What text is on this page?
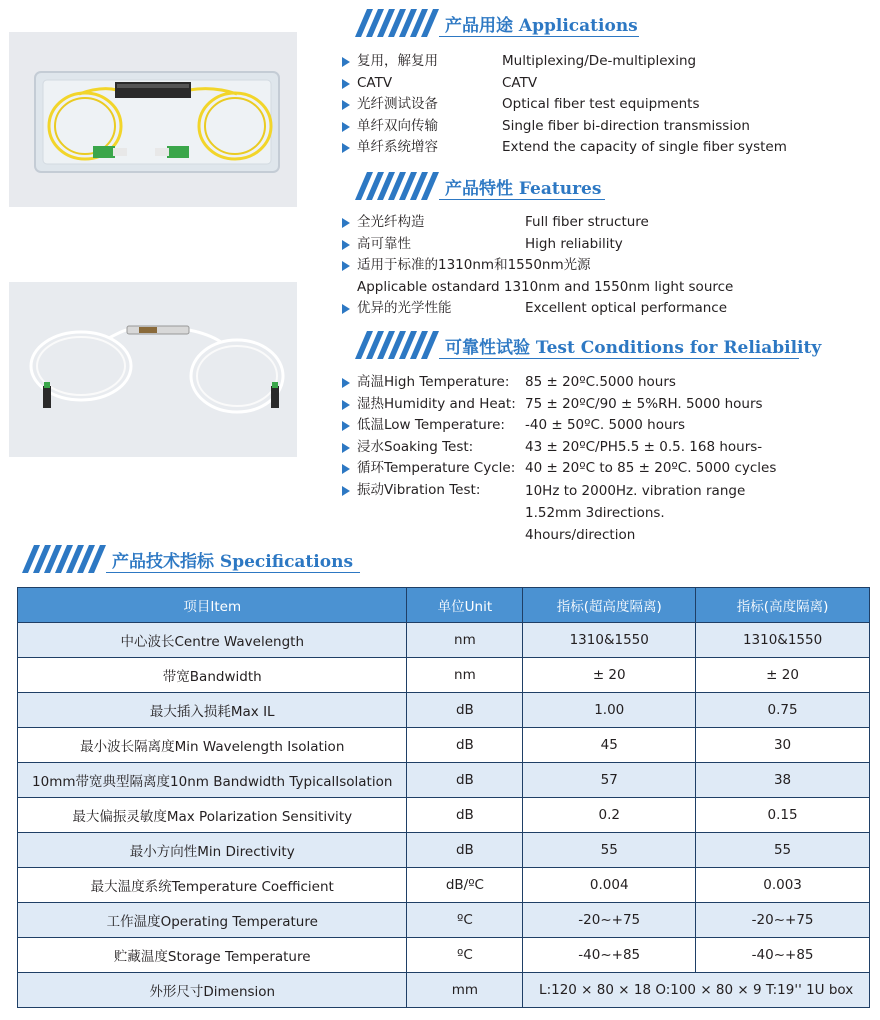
产品用途 Applications
复用，解复用	Multiplexing/De-multiplexing
CATV	CATV
光纤测试设备	Optical fiber test equipments
单纤双向传输	Single fiber bi-direction transmission
单纤系统增容	Extend the capacity of single fiber system
产品特性 Features
全光纤构造	Full fiber structure
高可靠性	High reliability
适用于标准的1310nm和1550nm光源
Applicable ostandard 1310nm and 1550nm light source
优异的光学性能	Excellent optical performance
可靠性试验 Test Conditions for Reliability
高温High Temperature: 85 ± 20ºC.5000 hours
湿热Humidity and Heat: 75 ± 20ºC/90 ± 5%RH. 5000 hours
低温Low Temperature: -40 ± 50ºC. 5000 hours
浸水Soaking Test:	43 ± 20ºC/PH5.5 ± 0.5. 168 hours-
循环Temperature Cycle: 40 ± 20ºC to 85 ± 20ºC. 5000 cycles
振动Vibration Test:	10Hz to 2000Hz. vibration range 1.52mm 3directions. 4hours/direction
产品技术指标 Specifications
项目Item	单位Unit	指标(超高度隔离)	指标(高度隔离)
中心波长Centre Wavelength	nm	1310&1550	1310&1550
带宽Bandwidth	nm	± 20	± 20
最大插入损耗Max IL	dB	1.00	0.75
最小波长隔离度Min Wavelength Isolation	dB	45	30
10mm带宽典型隔离度10nm Bandwidth TypicalIsolation	dB	57	38
最大偏振灵敏度Max Polarization Sensitivity	dB	0.2	0.15
最小方向性Min Directivity	dB	55	55
最大温度系统Temperature Coefficient	dB/ºC	0.004	0.003
工作温度Operating Temperature	ºC	-20~+75	-20~+75
贮藏温度Storage Temperature	ºC	-40~+85	-40~+85
外形尺寸Dimension	mm	L:120 × 80 × 18 O:100 × 80 × 9 T:19'' 1U box	
